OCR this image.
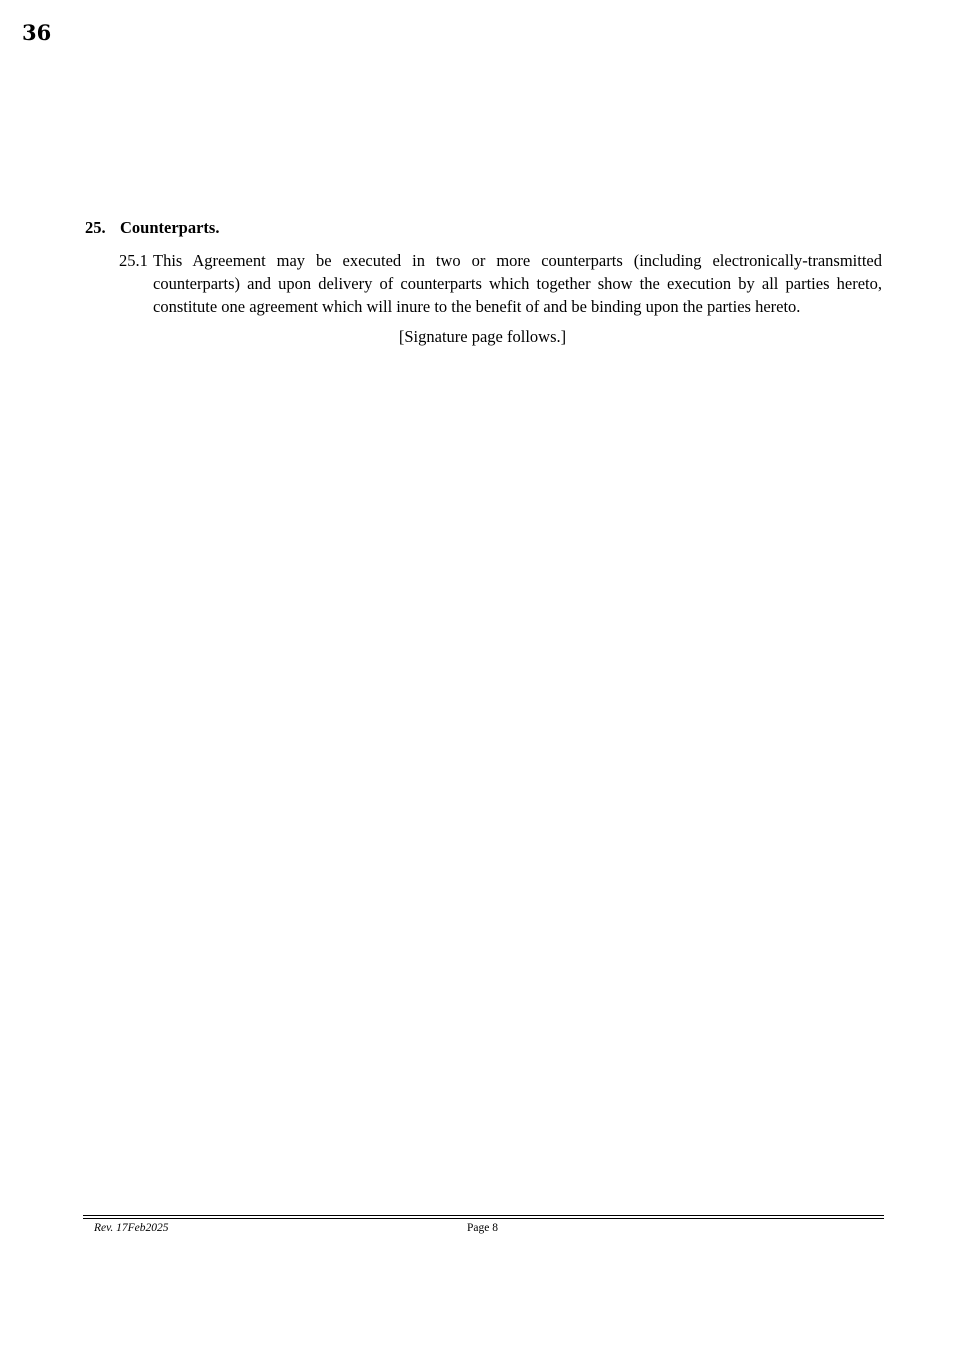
36
25. Counterparts.
25.1 This Agreement may be executed in two or more counterparts (including electronically-transmitted counterparts) and upon delivery of counterparts which together show the execution by all parties hereto, constitute one agreement which will inure to the benefit of and be binding upon the parties hereto.
[Signature page follows.]
Rev. 17Feb2025	Page 8
